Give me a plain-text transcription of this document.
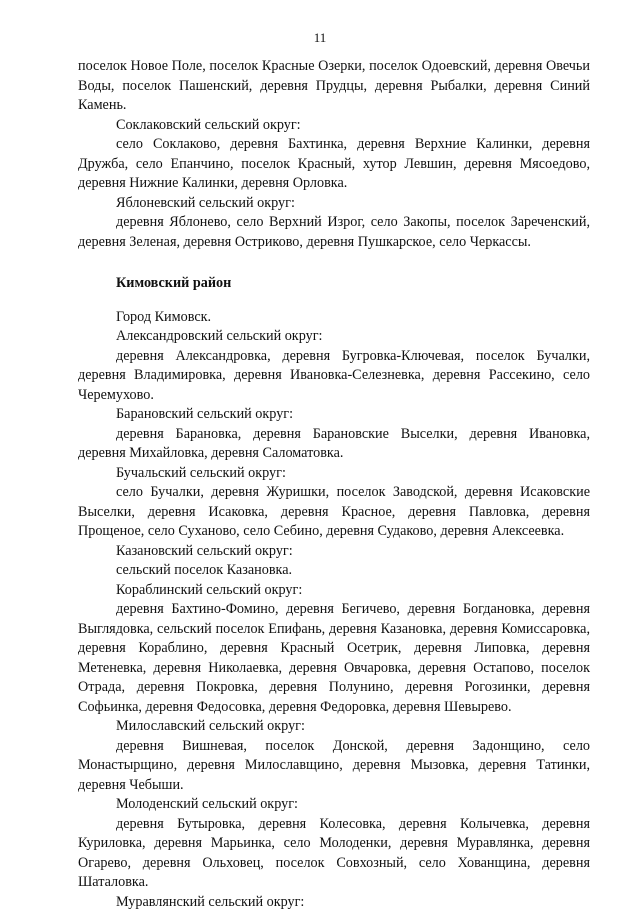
11

поселок Новое Поле, поселок Красные Озерки, поселок Одоевский, деревня Овечьи Воды, поселок Пашенский, деревня Прудцы, деревня Рыбалки, деревня Синий Камень.

Соклаковский сельский округ:

село Соклаково, деревня Бахтинка, деревня Верхние Калинки, деревня Дружба, село Епанчино, поселок Красный, хутор Левшин, деревня Мясоедово, деревня Нижние Калинки, деревня Орловка.

Яблоневский сельский округ:

деревня Яблонево, село Верхний Изрог, село Закопы, поселок Зареченский, деревня Зеленая, деревня Остриково, деревня Пушкарское, село Черкассы.

Кимовский район

Город Кимовск.

Александровский сельский округ:

деревня Александровка, деревня Бугровка-Ключевая, поселок Бучалки, деревня Владимировка, деревня Ивановка-Селезневка, деревня Рассекино, село Черемухово.

Барановский сельский округ:

деревня Барановка, деревня Барановские Выселки, деревня Ивановка, деревня Михайловка, деревня Саломатовка.

Бучальский сельский округ:

село Бучалки, деревня Журишки, поселок Заводской, деревня Исаковские Выселки, деревня Исаковка, деревня Красное, деревня Павловка, деревня Прощеное, село Суханово, село Себино, деревня Судаково, деревня Алексеевка.

Казановский сельский округ:

сельский поселок Казановка.

Кораблинский сельский округ:

деревня Бахтино-Фомино, деревня Бегичево, деревня Богдановка, деревня Выглядовка, сельский поселок Епифань, деревня Казановка, деревня Комиссаровка, деревня Кораблино, деревня Красный Осетрик, деревня Липовка, деревня Метеневка, деревня Николаевка, деревня Овчаровка, деревня Остапово, поселок Отрада, деревня Покровка, деревня Полунино, деревня Рогозинки, деревня Софьинка, деревня Федосовка, деревня Федоровка, деревня Шевырево.

Милославский сельский округ:

деревня Вишневая, поселок Донской, деревня Задонщино, село Монастырщино, деревня Милославщино, деревня Мызовка, деревня Татинки, деревня Чебыши.

Молоденский сельский округ:

деревня Бутыровка, деревня Колесовка, деревня Колычевка, деревня Куриловка, деревня Марьинка, село Молоденки, деревня Муравлянка, деревня Огарево, деревня Ольховец, поселок Совхозный, село Хованщина, деревня Шаталовка.

Муравлянский сельский округ:
